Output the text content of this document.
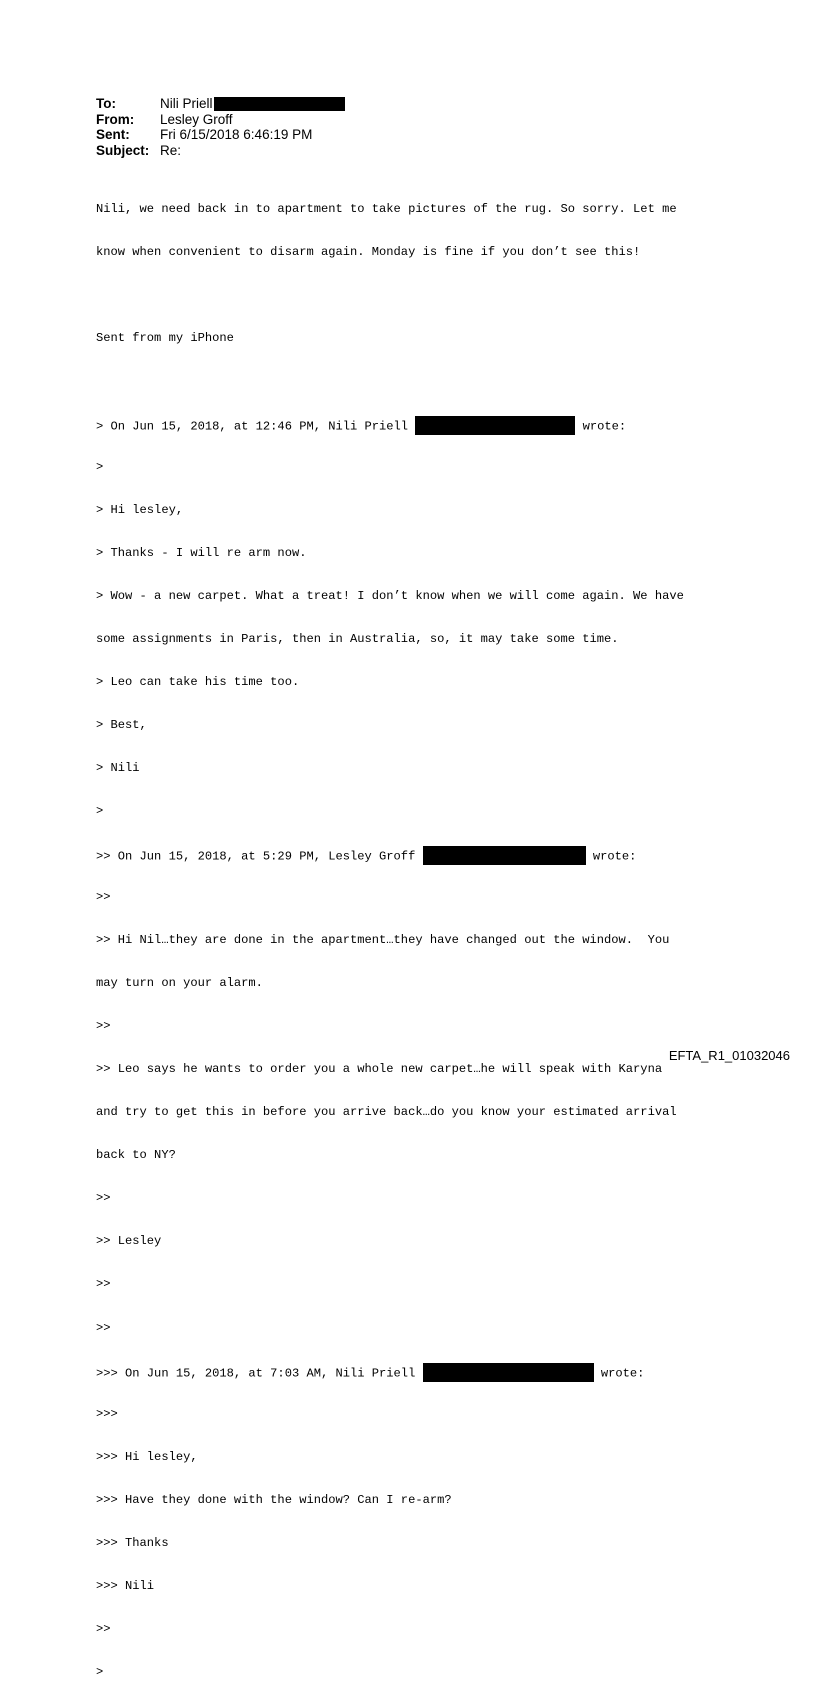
To:	Nili Priell
From:	Lesley Groff
Sent:	Fri 6/15/2018 6:46:19 PM
Subject: Re:

Nili, we need back in to apartment to take pictures of the rug. So sorry. Let me

know when convenient to disarm again. Monday is fine if you don’t see this!

Sent from my iPhone

> On Jun 15, 2018, at 12:46 PM, Nili Priell	wrote:

>

> Hi lesley,

> Thanks - I will re arm now.

> Wow - a new carpet. What a treat! I don’t know when we will come again. We have

some assignments in Paris, then in Australia, so, it may take some time.

> Leo can take his time too.

> Best,

> Nili

>

>> On Jun 15, 2018, at 5:29 PM, Lesley Groff	wrote:

>>

>> Hi Nil…they are done in the apartment…they have changed out the window.  You

may turn on your alarm.

>>

>> Leo says he wants to order you a whole new carpet…he will speak with Karyna

and try to get this in before you arrive back…do you know your estimated arrival

back to NY?

>>

>> Lesley

>>

>>

>>> On Jun 15, 2018, at 7:03 AM, Nili Priell	wrote:

>>>

>>> Hi lesley,

>>> Have they done with the window? Can I re-arm?

>>> Thanks

>>> Nili

>>

>

EFTA_R1_01032046
